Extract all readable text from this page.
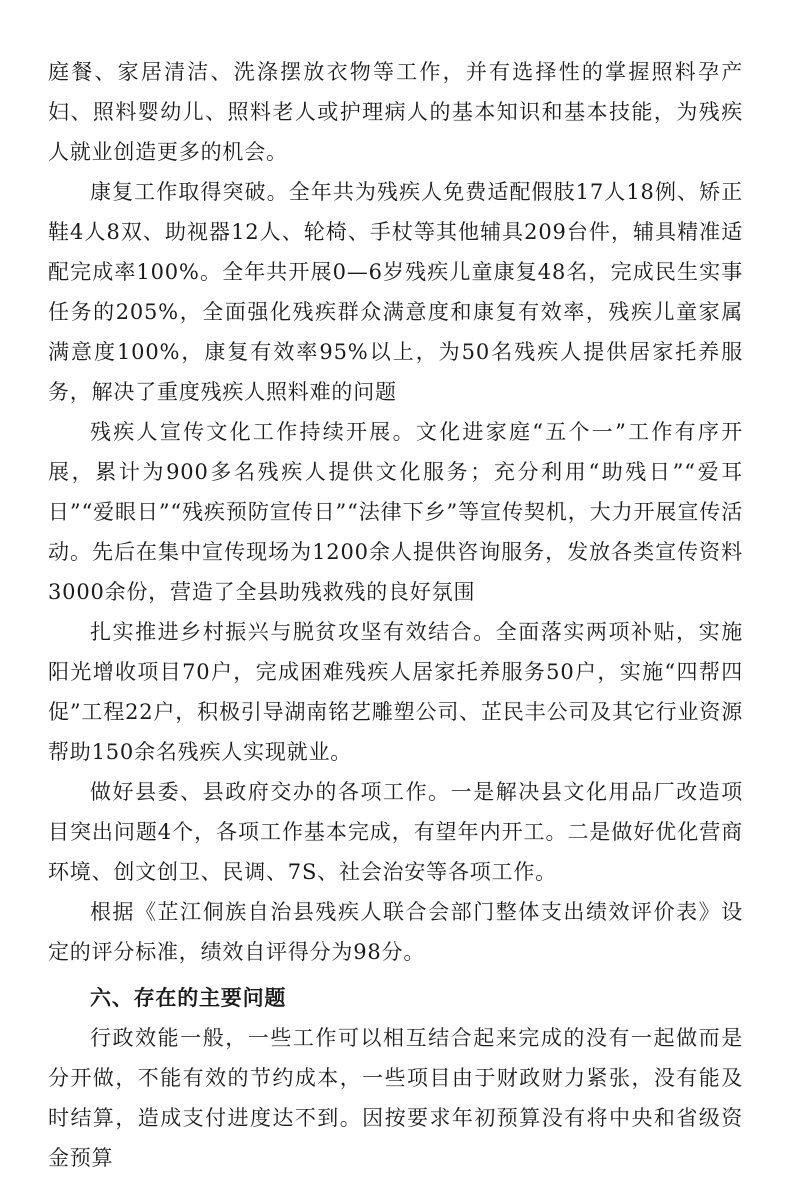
庭餐、家居清洁、洗涤摆放衣物等工作，并有选择性的掌握照料孕产妇、照料婴幼儿、照料老人或护理病人的基本知识和基本技能，为残疾人就业创造更多的机会。

康复工作取得突破。全年共为残疾人免费适配假肢17人18例、矫正鞋4人8双、助视器12人、轮椅、手杖等其他辅具209台件，辅具精准适配完成率100%。全年共开展0—6岁残疾儿童康复48名，完成民生实事任务的205%，全面强化残疾群众满意度和康复有效率，残疾儿童家属满意度100%，康复有效率95%以上，为50名残疾人提供居家托养服务，解决了重度残疾人照料难的问题

残疾人宣传文化工作持续开展。文化进家庭“五个一”工作有序开展，累计为900多名残疾人提供文化服务；充分利用“助残日”“爱耳日”“爱眼日”“残疾预防宣传日”“法律下乡”等宣传契机，大力开展宣传活动。先后在集中宣传现场为1200余人提供咨询服务，发放各类宣传资料3000余份，营造了全县助残救残的良好氛围

扎实推进乡村振兴与脱贫攻坚有效结合。全面落实两项补贴，实施阳光增收项目70户，完成困难残疾人居家托养服务50户，实施“四帮四促”工程22户，积极引导湖南铭艺雕塑公司、芷民丰公司及其它行业资源帮助150余名残疾人实现就业。

做好县委、县政府交办的各项工作。一是解决县文化用品厂改造项目突出问题4个，各项工作基本完成，有望年内开工。二是做好优化营商环境、创文创卫、民调、7S、社会治安等各项工作。

根据《芷江侗族自治县残疾人联合会部门整体支出绩效评价表》设定的评分标准，绩效自评得分为98分。

六、存在的主要问题

行政效能一般，一些工作可以相互结合起来完成的没有一起做而是分开做，不能有效的节约成本，一些项目由于财政财力紧张，没有能及时结算，造成支付进度达不到。因按要求年初预算没有将中央和省级资金预算
